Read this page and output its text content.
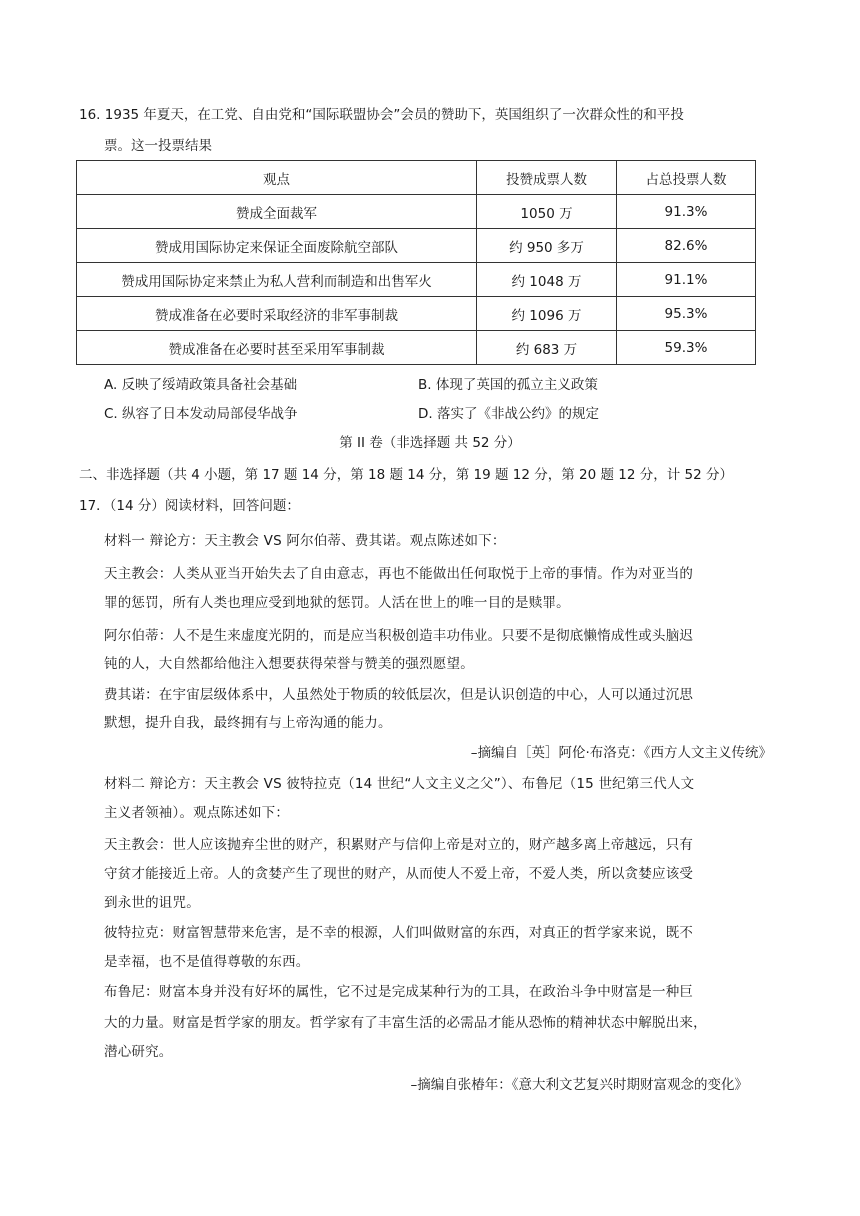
16. 1935 年夏天，在工党、自由党和“国际联盟协会”会员的赞助下，英国组织了一次群众性的和平投
票。这一投票结果
观点	投赞成票人数	占总投票人数
赞成全面裁军	1050 万	91.3%
赞成用国际协定来保证全面废除航空部队	约 950 多万	82.6%
赞成用国际协定来禁止为私人营利而制造和出售军火	约 1048 万	91.1%
赞成准备在必要时采取经济的非军事制裁	约 1096 万	95.3%
赞成准备在必要时甚至采用军事制裁	约 683 万	59.3%
A. 反映了绥靖政策具备社会基础	B. 体现了英国的孤立主义政策
C. 纵容了日本发动局部侵华战争	D. 落实了《非战公约》的规定
第 II 卷（非选择题 共 52 分）
二、非选择题（共 4 小题，第 17 题 14 分，第 18 题 14 分，第 19 题 12 分，第 20 题 12 分，计 52 分）
17．（14 分）阅读材料，回答问题：
材料一 辩论方：天主教会 VS 阿尔伯蒂、费其诺。观点陈述如下：
天主教会：人类从亚当开始失去了自由意志，再也不能做出任何取悦于上帝的事情。作为对亚当的
罪的惩罚，所有人类也理应受到地狱的惩罚。人活在世上的唯一目的是赎罪。
阿尔伯蒂：人不是生来虚度光阴的，而是应当积极创造丰功伟业。只要不是彻底懒惰成性或头脑迟
钝的人，大自然都给他注入想要获得荣誉与赞美的强烈愿望。
费其诺：在宇宙层级体系中，人虽然处于物质的较低层次，但是认识创造的中心，人可以通过沉思
默想，提升自我，最终拥有与上帝沟通的能力。
–摘编自［英］阿伦·布洛克：《西方人文主义传统》
材料二 辩论方：天主教会 VS 彼特拉克（14 世纪“人文主义之父”）、布鲁尼（15 世纪第三代人文
主义者领袖）。观点陈述如下：
天主教会：世人应该抛弃尘世的财产，积累财产与信仰上帝是对立的，财产越多离上帝越远，只有
守贫才能接近上帝。人的贪婪产生了现世的财产，从而使人不爱上帝，不爱人类，所以贪婪应该受
到永世的诅咒。
彼特拉克：财富智慧带来危害，是不幸的根源，人们叫做财富的东西，对真正的哲学家来说，既不
是幸福，也不是值得尊敬的东西。
布鲁尼：财富本身并没有好坏的属性，它不过是完成某种行为的工具，在政治斗争中财富是一种巨
大的力量。财富是哲学家的朋友。哲学家有了丰富生活的必需品才能从恐怖的精神状态中解脱出来，
潜心研究。
–摘编自张椿年：《意大利文艺复兴时期财富观念的变化》
